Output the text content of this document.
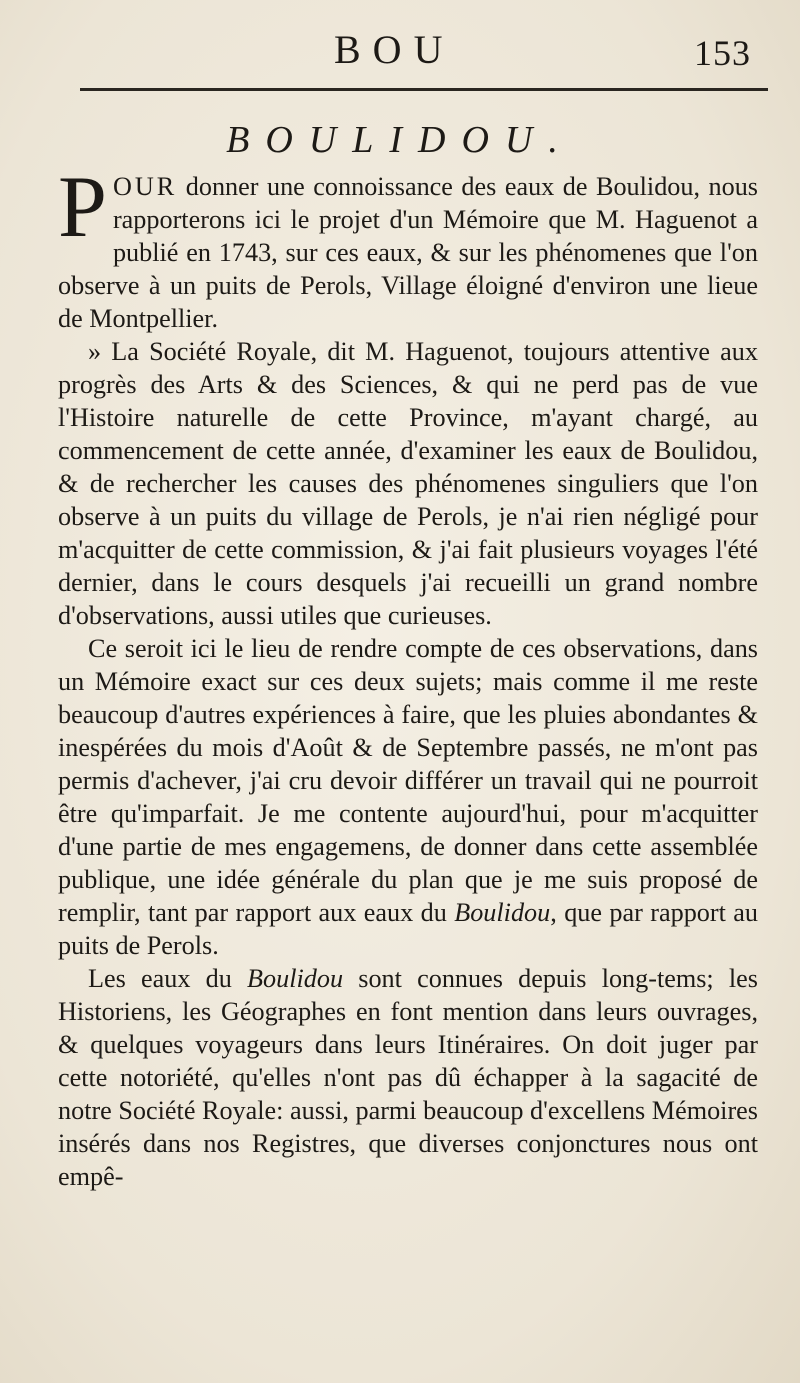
BOU	153
BOULIDOU.

POUR donner une connoissance des eaux de Boulidou, nous rapporterons ici le projet d'un Mémoire que M. Haguenot a publié en 1743, sur ces eaux, & sur les phénomenes que l'on observe à un puits de Perols, Village éloigné d'environ une lieue de Montpellier.

» La Société Royale, dit M. Haguenot, toujours attentive aux progrès des Arts & des Sciences, & qui ne perd pas de vue l'Histoire naturelle de cette Province, m'ayant chargé, au commencement de cette année, d'examiner les eaux de Boulidou, & de rechercher les causes des phénomenes singuliers que l'on observe à un puits du village de Perols, je n'ai rien négligé pour m'acquitter de cette commission, & j'ai fait plusieurs voyages l'été dernier, dans le cours desquels j'ai recueilli un grand nombre d'observations, aussi utiles que curieuses.

Ce seroit ici le lieu de rendre compte de ces observations, dans un Mémoire exact sur ces deux sujets; mais comme il me reste beaucoup d'autres expériences à faire, que les pluies abondantes & inespérées du mois d'Août & de Septembre passés, ne m'ont pas permis d'achever, j'ai cru devoir différer un travail qui ne pourroit être qu'imparfait. Je me contente aujourd'hui, pour m'acquitter d'une partie de mes engagemens, de donner dans cette assemblée publique, une idée générale du plan que je me suis proposé de remplir, tant par rapport aux eaux du Boulidou, que par rapport au puits de Perols.

Les eaux du Boulidou sont connues depuis long-tems; les Historiens, les Géographes en font mention dans leurs ouvrages, & quelques voyageurs dans leurs Itinéraires. On doit juger par cette notoriété, qu'elles n'ont pas dû échapper à la sagacité de notre Société Royale: aussi, parmi beaucoup d'excellens Mémoires insérés dans nos Registres, que diverses conjonctures nous ont empê-
